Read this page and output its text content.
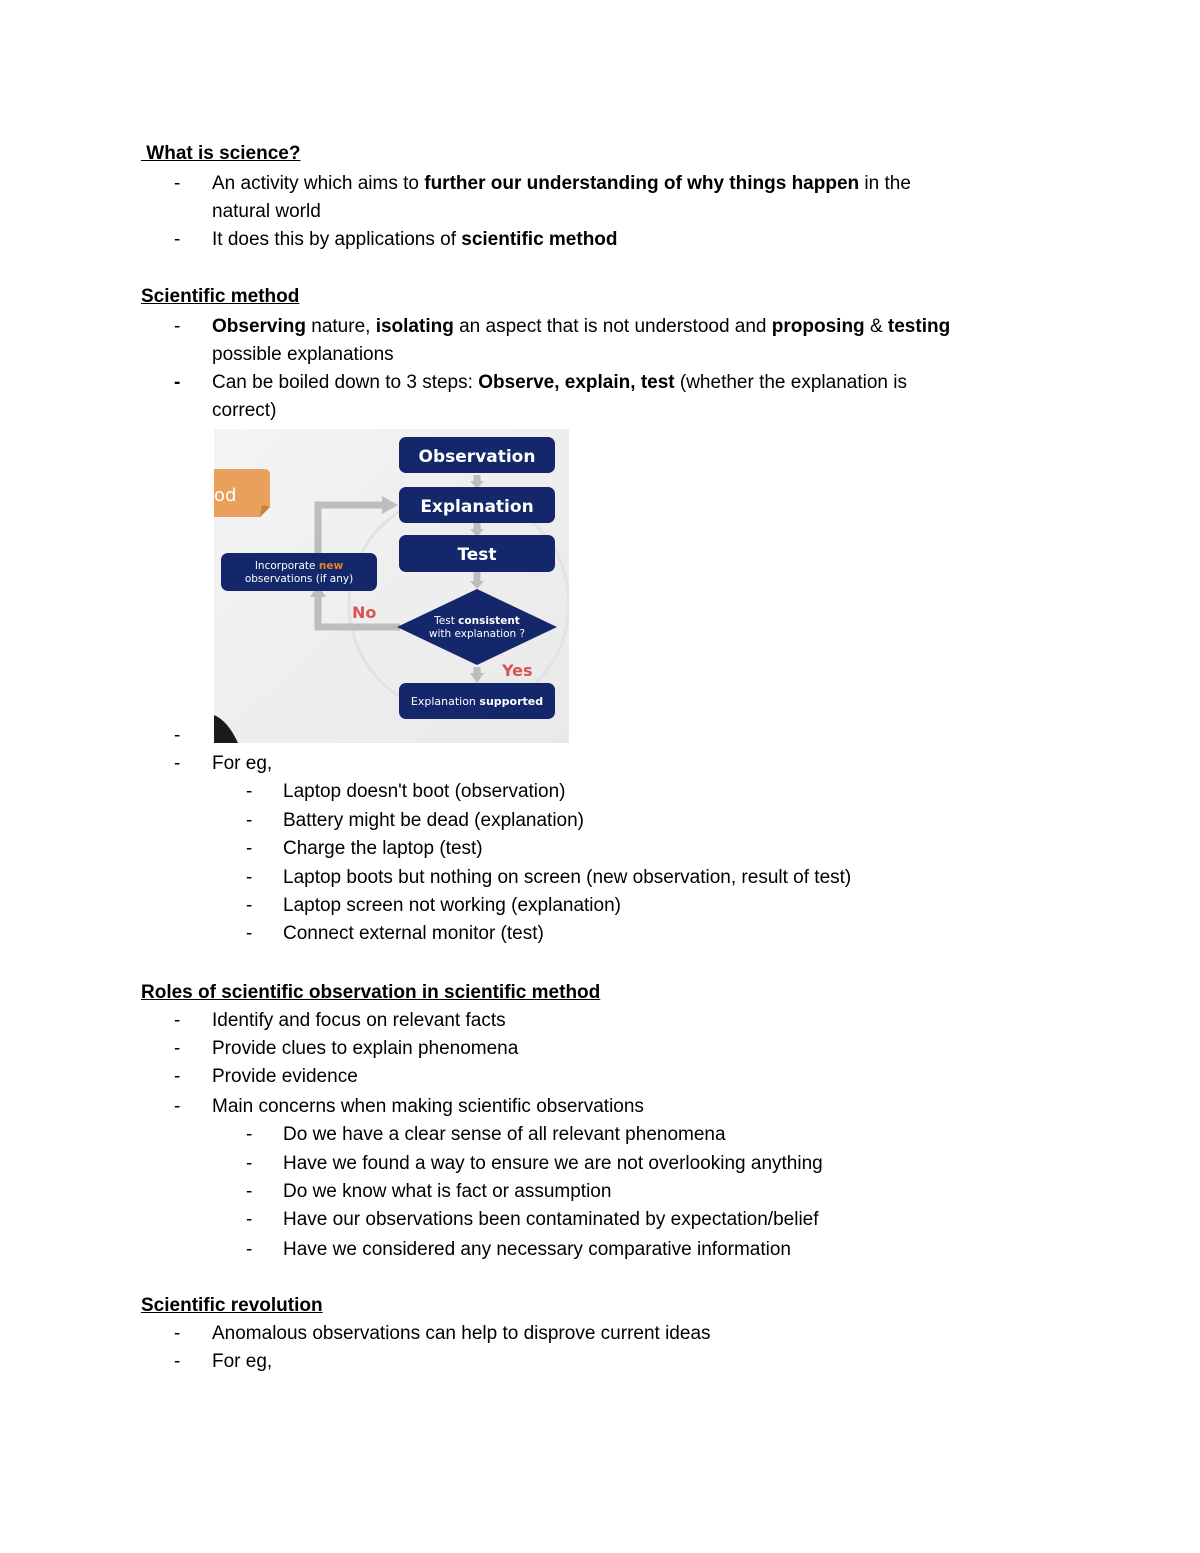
What is science?
- An activity which aims to further our understanding of why things happen in the
natural world
- It does this by applications of scientific method
Scientific method
- Observing nature, isolating an aspect that is not understood and proposing & testing
possible explanations
- Can be boiled down to 3 steps: Observe, explain, test (whether the explanation is
correct)
od
Observation
Explanation
Test
Test consistent
with explanation ?
Incorporate new
observations (if any)
Explanation supported
No
Yes
-
- For eg,
- Laptop doesn't boot (observation)
- Battery might be dead (explanation)
- Charge the laptop (test)
- Laptop boots but nothing on screen (new observation, result of test)
- Laptop screen not working (explanation)
- Connect external monitor (test)
Roles of scientific observation in scientific method
- Identify and focus on relevant facts
- Provide clues to explain phenomena
- Provide evidence
- Main concerns when making scientific observations
- Do we have a clear sense of all relevant phenomena
- Have we found a way to ensure we are not overlooking anything
- Do we know what is fact or assumption
- Have our observations been contaminated by expectation/belief
- Have we considered any necessary comparative information
Scientific revolution
- Anomalous observations can help to disprove current ideas
- For eg,
